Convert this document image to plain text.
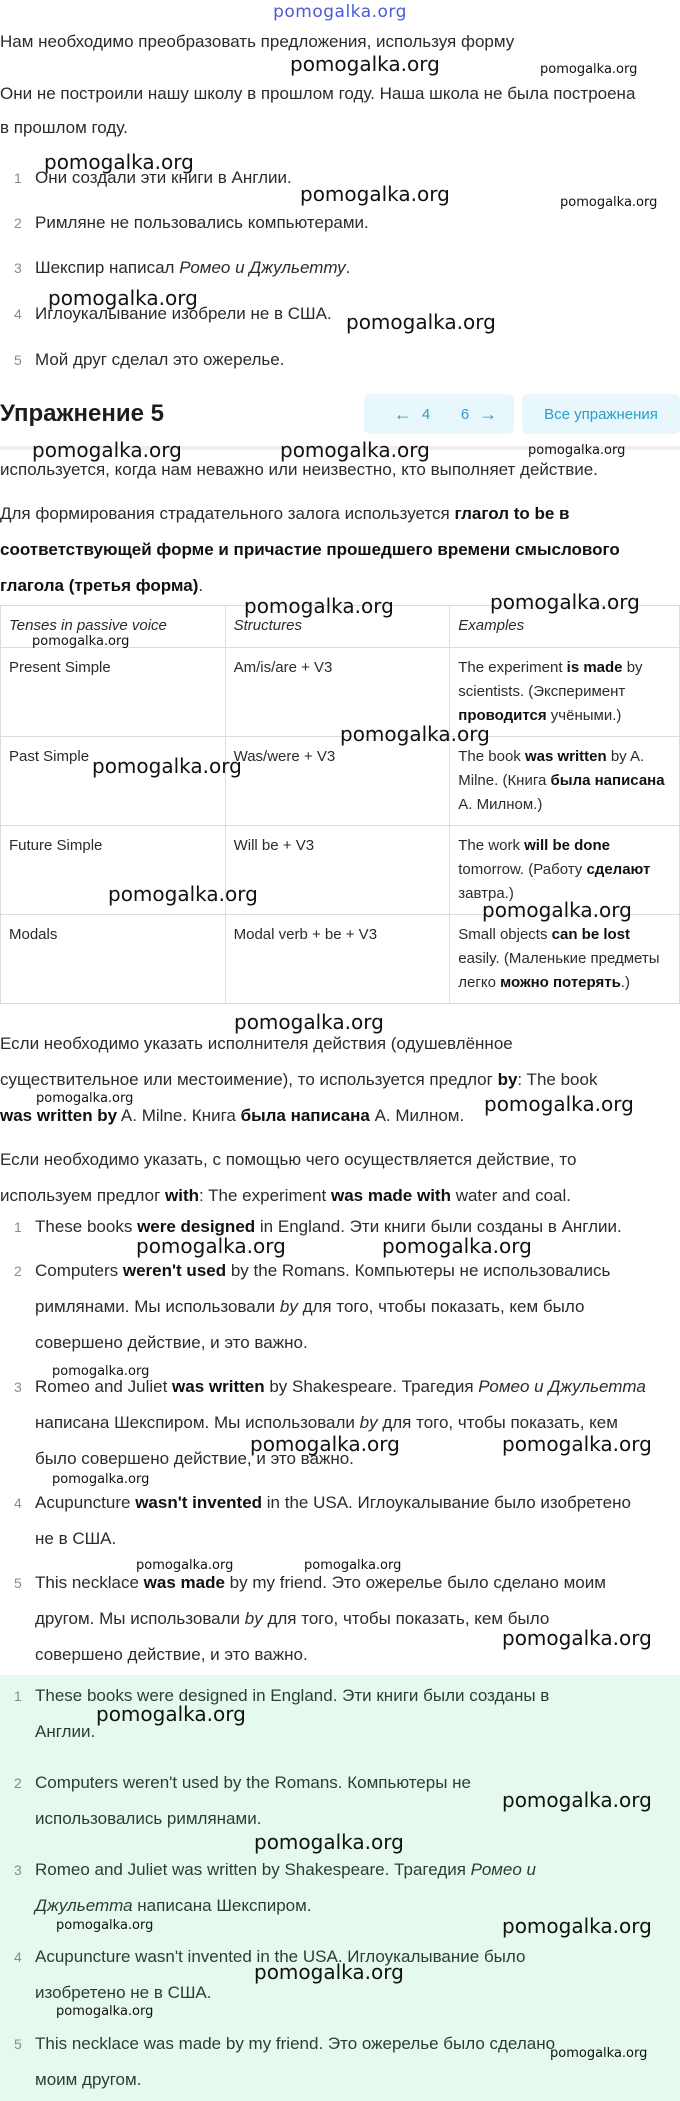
pomogalka.org

Нам необходимо преобразовать предложения, используя форму

Они не построили нашу школу в прошлом году. Наша школа не была построена

в прошлом году.

1 Они создали эти книги в Англии.
2 Римляне не пользовались компьютерами.
3 Шекспир написал Ромео и Джульетту.
4 Иглоукалывание изобрели не в США.
5 Мой друг сделал это ожерелье.
Упражнение 5	← 4 6 →	Все упражнения

используется, когда нам неважно или неизвестно, кто выполняет действие.

Для формирования страдательного залога используется глагол to be в

соответствующей форме и причастие прошедшего времени смыслового

глагола (третья форма).

Tenses in passive voice	Structures	Examples
Present Simple	Am/is/are + V3	The experiment is made by scientists. (Эксперимент проводится учёными.)
Past Simple	Was/were + V3	The book was written by A. Milne. (Книга была написана А. Милном.)
Future Simple	Will be + V3	The work will be done tomorrow. (Работу сделают завтра.)
Modals	Modal verb + be + V3	Small objects can be lost easily. (Маленькие предметы легко можно потерять.)

Если необходимо указать исполнителя действия (одушевлённое

существительное или местоимение), то используется предлог by: The book

was written by A. Milne. Книга была написана А. Милном.

Если необходимо указать, с помощью чего осуществляется действие, то

используем предлог with: The experiment was made with water and coal.

1 These books were designed in England. Эти книги были созданы в Англии.
2 Computers weren't used by the Romans. Компьютеры не использовались
римлянами. Мы использовали by для того, чтобы показать, кем было
совершено действие, и это важно.
3 Romeo and Juliet was written by Shakespeare. Трагедия Ромео и Джульетта
написана Шекспиром. Мы использовали by для того, чтобы показать, кем
было совершено действие, и это важно.
4 Acupuncture wasn't invented in the USA. Иглоукалывание было изобретено
не в США.
5 This necklace was made by my friend. Это ожерелье было сделано моим
другом. Мы использовали by для того, чтобы показать, кем было
совершено действие, и это важно.
1 These books were designed in England. Эти книги были созданы в
Англии.
2 Computers weren't used by the Romans. Компьютеры не
использовались римлянами.
3 Romeo and Juliet was written by Shakespeare. Трагедия Ромео и
Джульетта написана Шекспиром.
4 Acupuncture wasn't invented in the USA. Иглоукалывание было
изобретено не в США.
5 This necklace was made by my friend. Это ожерелье было сделано
моим другом.
pomogalka.org	pomogalka.org
pomogalka.org
pomogalka.org	pomogalka.org
pomogalka.org
pomogalka.org
pomogalka.org	pomogalka.org	pomogalka.org
pomogalka.org	pomogalka.org
pomogalka.org
pomogalka.org
pomogalka.org
pomogalka.org
pomogalka.org
pomogalka.org
pomogalka.org	pomogalka.org
pomogalka.org	pomogalka.org
pomogalka.org
pomogalka.org	pomogalka.org
pomogalka.org
pomogalka.org	pomogalka.org
pomogalka.org
pomogalka.org
pomogalka.org
pomogalka.org
pomogalka.org	pomogalka.org
pomogalka.org
pomogalka.org
pomogalka.org
